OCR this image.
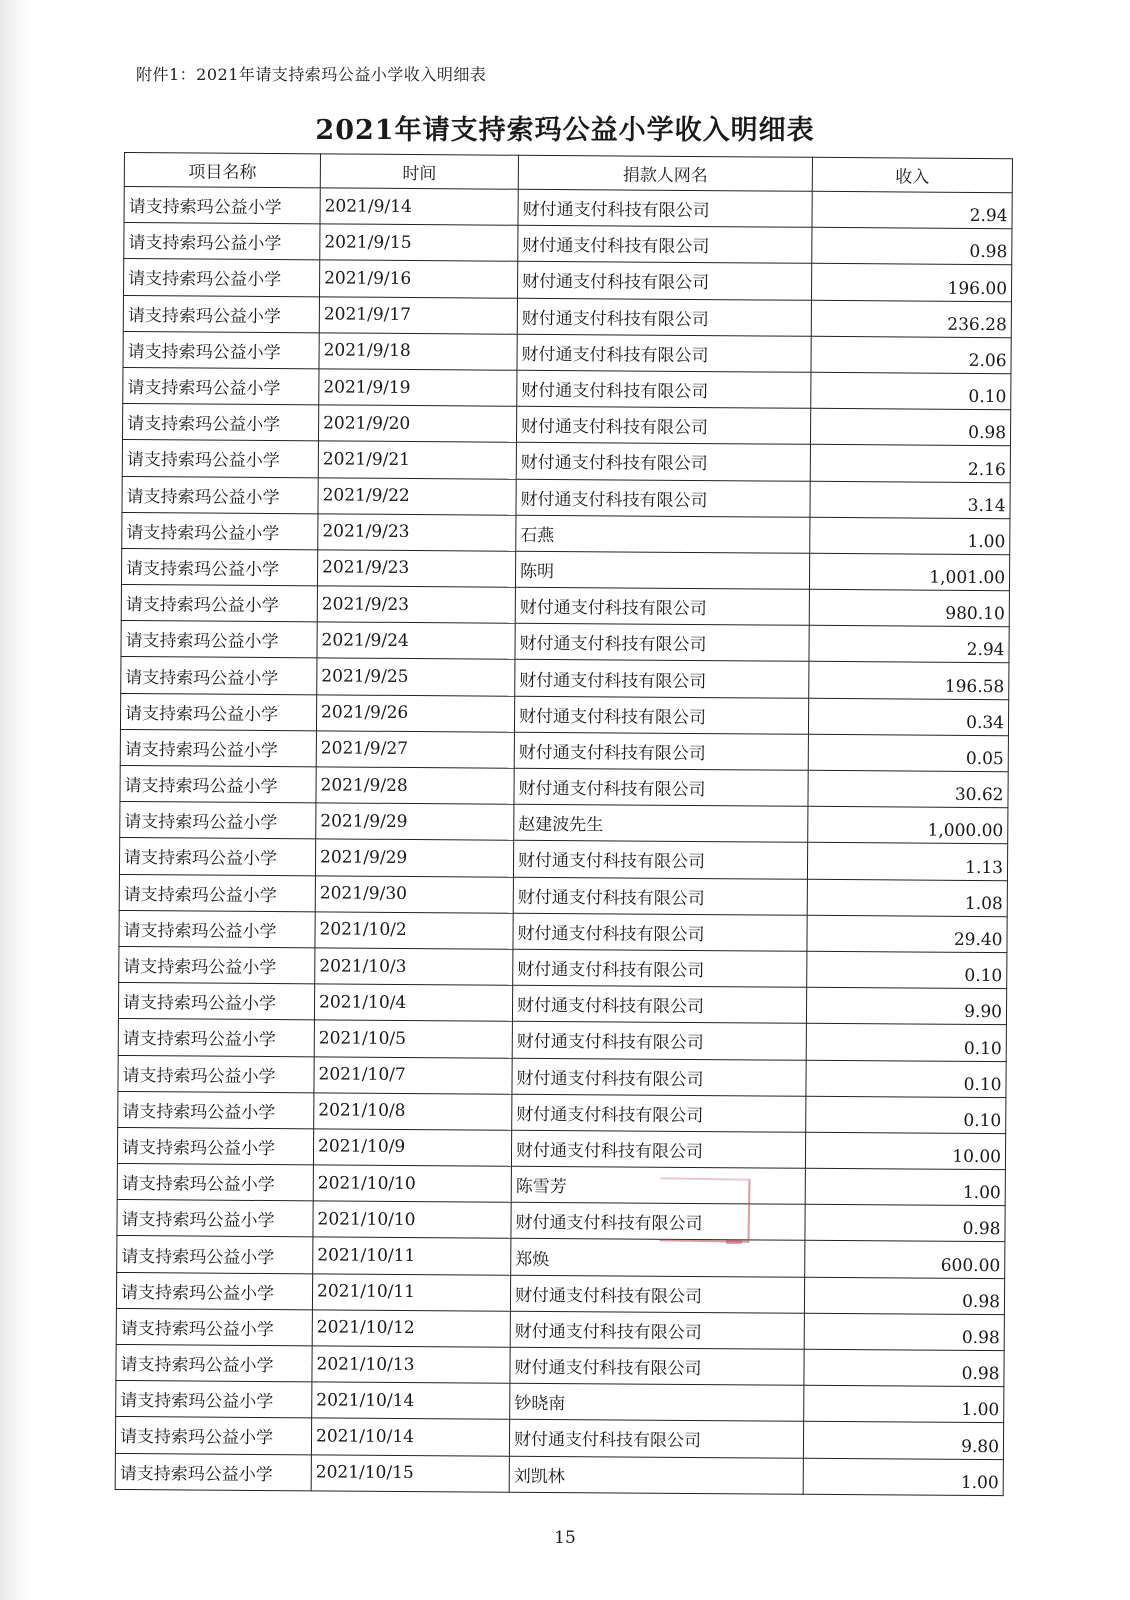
附件1：2021年请支持索玛公益小学收入明细表
2021年请支持索玛公益小学收入明细表
项目名称	时间	捐款人网名	收入
请支持索玛公益小学	2021/9/14	财付通支付科技有限公司	2.94
请支持索玛公益小学	2021/9/15	财付通支付科技有限公司	0.98
请支持索玛公益小学	2021/9/16	财付通支付科技有限公司	196.00
请支持索玛公益小学	2021/9/17	财付通支付科技有限公司	236.28
请支持索玛公益小学	2021/9/18	财付通支付科技有限公司	2.06
请支持索玛公益小学	2021/9/19	财付通支付科技有限公司	0.10
请支持索玛公益小学	2021/9/20	财付通支付科技有限公司	0.98
请支持索玛公益小学	2021/9/21	财付通支付科技有限公司	2.16
请支持索玛公益小学	2021/9/22	财付通支付科技有限公司	3.14
请支持索玛公益小学	2021/9/23	石燕	1.00
请支持索玛公益小学	2021/9/23	陈明	1,001.00
请支持索玛公益小学	2021/9/23	财付通支付科技有限公司	980.10
请支持索玛公益小学	2021/9/24	财付通支付科技有限公司	2.94
请支持索玛公益小学	2021/9/25	财付通支付科技有限公司	196.58
请支持索玛公益小学	2021/9/26	财付通支付科技有限公司	0.34
请支持索玛公益小学	2021/9/27	财付通支付科技有限公司	0.05
请支持索玛公益小学	2021/9/28	财付通支付科技有限公司	30.62
请支持索玛公益小学	2021/9/29	赵建波先生	1,000.00
请支持索玛公益小学	2021/9/29	财付通支付科技有限公司	1.13
请支持索玛公益小学	2021/9/30	财付通支付科技有限公司	1.08
请支持索玛公益小学	2021/10/2	财付通支付科技有限公司	29.40
请支持索玛公益小学	2021/10/3	财付通支付科技有限公司	0.10
请支持索玛公益小学	2021/10/4	财付通支付科技有限公司	9.90
请支持索玛公益小学	2021/10/5	财付通支付科技有限公司	0.10
请支持索玛公益小学	2021/10/7	财付通支付科技有限公司	0.10
请支持索玛公益小学	2021/10/8	财付通支付科技有限公司	0.10
请支持索玛公益小学	2021/10/9	财付通支付科技有限公司	10.00
请支持索玛公益小学	2021/10/10	陈雪芳	1.00
请支持索玛公益小学	2021/10/10	财付通支付科技有限公司	0.98
请支持索玛公益小学	2021/10/11	郑焕	600.00
请支持索玛公益小学	2021/10/11	财付通支付科技有限公司	0.98
请支持索玛公益小学	2021/10/12	财付通支付科技有限公司	0.98
请支持索玛公益小学	2021/10/13	财付通支付科技有限公司	0.98
请支持索玛公益小学	2021/10/14	钞晓南	1.00
请支持索玛公益小学	2021/10/14	财付通支付科技有限公司	9.80
请支持索玛公益小学	2021/10/15	刘凯林	1.00
15
